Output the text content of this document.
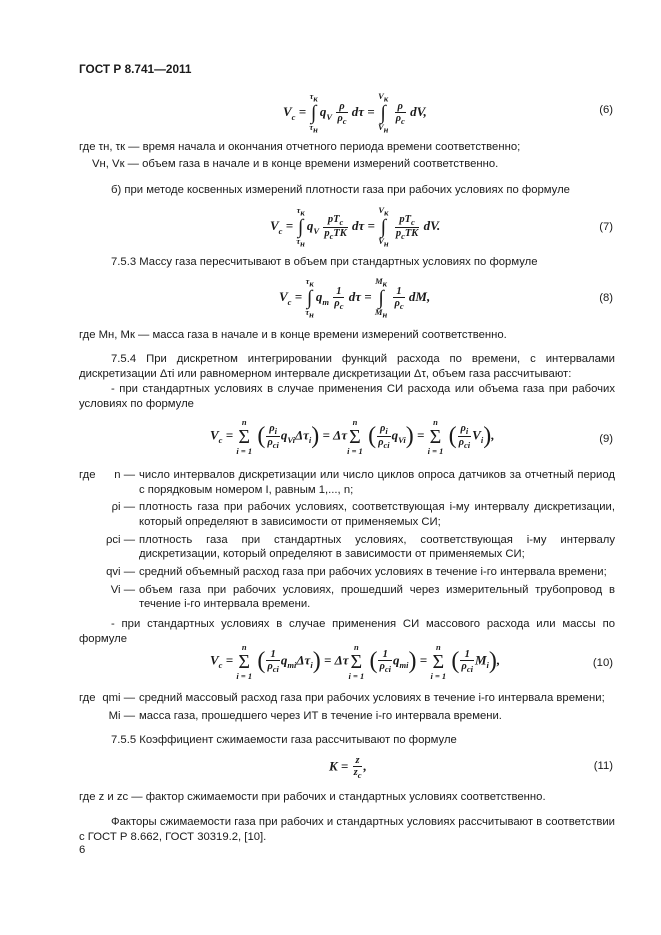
ГОСТ Р 8.741—2011
$V_c = \tau_к$
∫
$\tau_нq_V \frac{\rho}{\rho_c}$ $d\tau = V_к$
∫
$V_н$
$\frac{\rho}{\rho_c}$ dV,	(6)
где τн, τк — время начала и окончания отчетного периода времени соответственно;
Vн, Vк — объем газа в начале и в конце времени измерений соответственно.
б) при методе косвенных измерений плотности газа при рабочих условиях по формуле
$V_c = \tau_к$
∫
$\tau_нq_V \frac{pT_c}{p_cTK}$ $d\tau = V_к$
∫
$V_н$
$\frac{pT_c}{p_cTK}$ dV.	(7)
7.5.3 Массу газа пересчитывают в объем при стандартных условиях по формуле
$V_c = \tau_к$
∫
$\tau_нq_m \frac{1}{\rho_c}$ $d\tau = M_к$
∫
$M_н$
$\frac{1}{\rho_c}$ dM,	(8)
где Mн, Mк — масса газа в начале и в конце времени измерений соответственно.
7.5.4 При дискретном интегрировании функций расхода по времени, с интервалами дискретизации Δτi или равномерном интервале дискретизации Δτ, объем газа рассчитывают:
- при стандартных условиях в случае применения СИ расхода или объема газа при рабочих условиях по формуле
$V_c = n$
Σ
i = 1 ( $\frac{\rho_i}{\rho_{ci}} q_{Vi}\Delta\tau_i) = \Delta\tau n$
Σ
i = 1 ( $\frac{\rho_i}{\rho_{ci}} q_{Vi}) = n$
Σ
i = 1 ( $\frac{\rho_i}{\rho_{ci}} V_i$),	(9)
где	n — число интервалов дискретизации или число циклов опроса датчиков за отчетный период с порядковым номером I, равным 1,..., n;
ρi — плотность газа при рабочих условиях, соответствующая i-му интервалу дискретизации, который определяют в зависимости от применяемых СИ;
ρci — плотность газа при стандартных условиях, соответствующая i-му интервалу дискретизации, который определяют в зависимости от применяемых СИ;
qvi — средний объемный расход газа при рабочих условиях в течение i-го интервала времени;
Vi — объем газа при рабочих условиях, прошедший через измерительный трубопровод в течение i-го интервала времени.
- при стандартных условиях в случае применения СИ массового расхода или массы по формуле
$V_c = n$
Σ
i = 1 ( $\frac{1}{\rho_{ci}} q_{mi}\Delta\tau_i) = \Delta\tau n$
Σ
i = 1 ( $\frac{1}{\rho_{ci}} q_{mi}) = n$
Σ
i = 1 ( $\frac{1}{\rho_{ci}} M_i$),	(10)
где qmi — средний массовый расход газа при рабочих условиях в течение i-го интервала времени;
Mi — масса газа, прошедшего через ИТ в течение i-го интервала времени.
7.5.5 Коэффициент сжимаемости газа рассчитывают по формуле
$K = \frac{z}{z_c}$ ,	(11)
где z и zc — фактор сжимаемости при рабочих и стандартных условиях соответственно.
Факторы сжимаемости газа при рабочих и стандартных условиях рассчитывают в соответствии с ГОСТ Р 8.662, ГОСТ 30319.2, [10].
6
